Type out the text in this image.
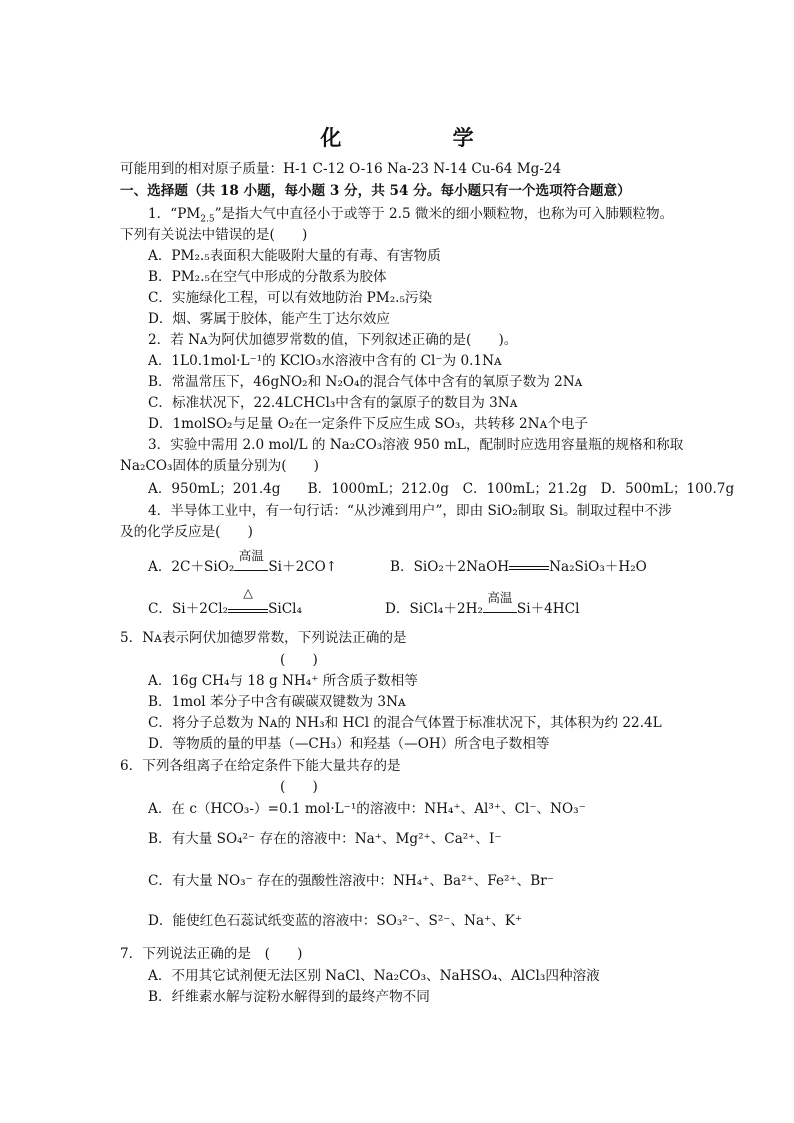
化 学
可能用到的相对原子质量：H-1 C-12 O-16 Na-23 N-14 Cu-64 Mg-24
一、选择题（共 18 小题，每小题 3 分，共 54 分。每小题只有一个选项符合题意）
1．“$PM_{2.5}$”是指大气中直径小于或等于 2.5 微米的细小颗粒物，也称为可入肺颗粒物。
下列有关说法中错误的是(　　)
A．PM₂.₅表面积大能吸附大量的有毒、有害物质
B．PM₂.₅在空气中形成的分散系为胶体
C．实施绿化工程，可以有效地防治 PM₂.₅污染
D．烟、雾属于胶体，能产生丁达尔效应
2．若 Nᴀ为阿伏加德罗常数的值，下列叙述正确的是(　　)。
A．1L0.1mol·L⁻¹的 KClO₃水溶液中含有的 Cl⁻为 0.1Nᴀ
B．常温常压下，46gNO₂和 N₂O₄的混合气体中含有的氧原子数为 2Nᴀ
C．标准状况下，22.4LCHCl₃中含有的氯原子的数目为 3Nᴀ
D．1molSO₂与足量 O₂在一定条件下反应生成 SO₃，共转移 2Nᴀ个电子
3．实验中需用 2.0 mol/L 的 Na₂CO₃溶液 950 mL，配制时应选用容量瓶的规格和称取
Na₂CO₃固体的质量分别为(　　)
A．950mL；201.4g　　B．1000mL；212.0g　C．100mL；21.2g　D．500mL；100.7g
4．半导体工业中，有一句行话：“从沙滩到用户”，即由 SiO₂制取 Si。制取过程中不涉
及的化学反应是(　　)
A．2C＋SiO₂
高温
Si＋2CO↑	B．SiO₂＋2NaOH	Na₂SiO₃＋H₂O
C．Si＋2Cl₂
△
SiCl₄	D．SiCl₄＋2H₂
高温
Si＋4HCl
5．Nᴀ表示阿伏加德罗常数，下列说法正确的是
(　　)
A．16g CH₄与 18 g NH₄⁺ 所含质子数相等
B．1mol 苯分子中含有碳碳双键数为 3Nᴀ
C．将分子总数为 Nᴀ的 NH₃和 HCl 的混合气体置于标准状况下，其体积为约 22.4L
D．等物质的量的甲基（—CH₃）和羟基（—OH）所含电子数相等
6．下列各组离子在给定条件下能大量共存的是
(　　)
A．在 c（HCO₃-）=0.1 mol·L⁻¹的溶液中：NH₄⁺、Al³⁺、Cl⁻、NO₃⁻
B．有大量 SO₄²⁻ 存在的溶液中：Na⁺、Mg²⁺、Ca²⁺、I⁻
C．有大量 NO₃⁻ 存在的强酸性溶液中：NH₄⁺、Ba²⁺、Fe²⁺、Br⁻
D．能使红色石蕊试纸变蓝的溶液中：SO₃²⁻、S²⁻、Na⁺、K⁺
7．下列说法正确的是　(　　)
A．不用其它试剂便无法区别 NaCl、Na₂CO₃、NaHSO₄、AlCl₃四种溶液
B．纤维素水解与淀粉水解得到的最终产物不同
